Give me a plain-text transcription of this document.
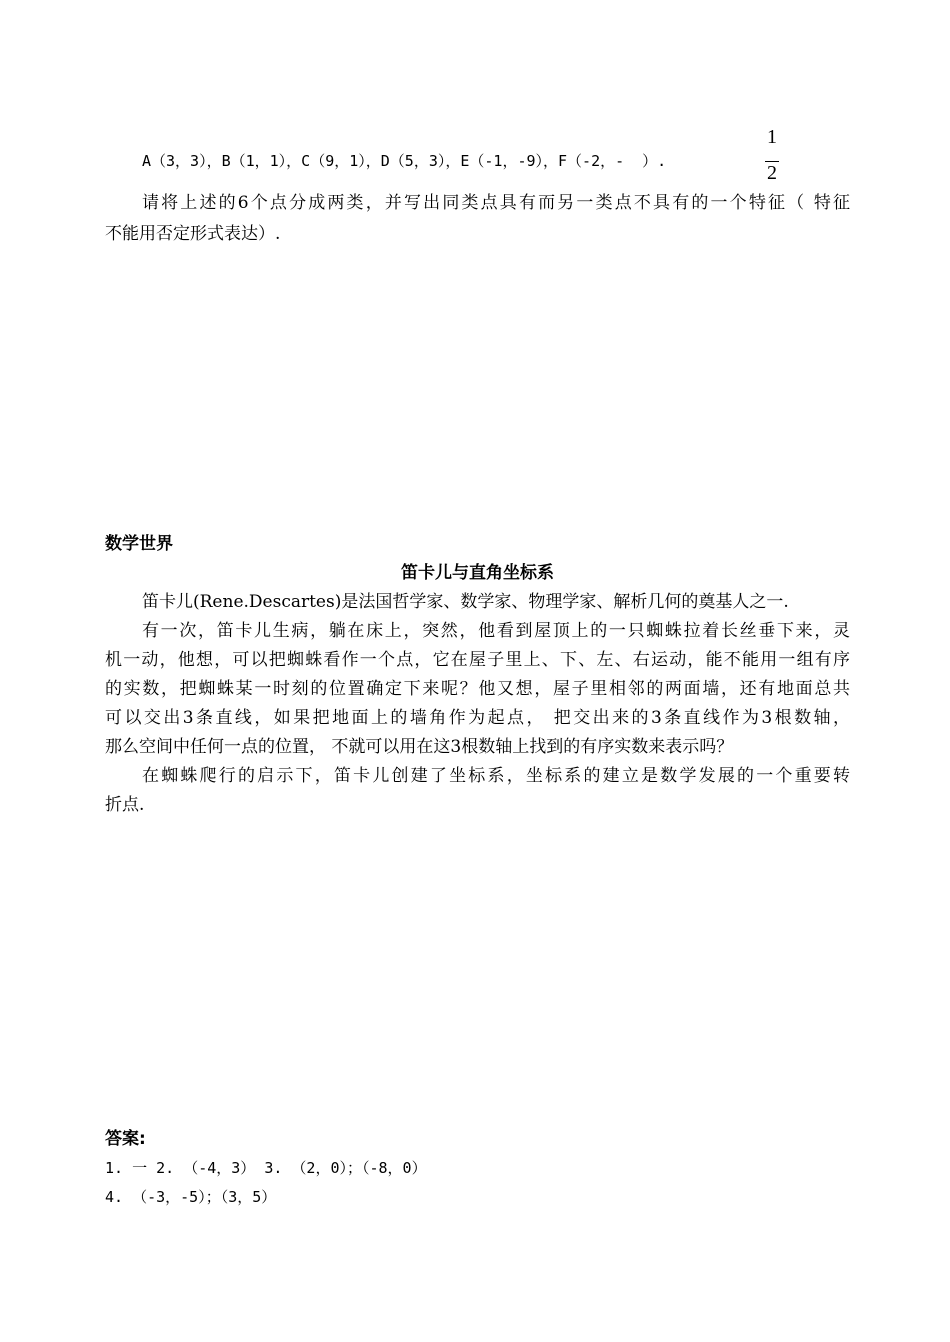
A（3，3），B（1，1），C（9，1），D（5，3），E（-1，-9），F（-2，- ）.
1
2
请将上述的6个点分成两类，并写出同类点具有而另一类点不具有的一个特征（ 特征
不能用否定形式表达）.
数学世界
笛卡儿与直角坐标系
笛卡儿(Rene.Descartes)是法国哲学家、数学家、物理学家、解析几何的奠基人之一.
有一次，笛卡儿生病，躺在床上，突然，他看到屋顶上的一只蜘蛛拉着长丝垂下来，灵
机一动，他想，可以把蜘蛛看作一个点，它在屋子里上、下、左、右运动，能不能用一组有序
的实数，把蜘蛛某一时刻的位置确定下来呢？他又想，屋子里相邻的两面墙，还有地面总共
可以交出3条直线，如果把地面上的墙角作为起点， 把交出来的3条直线作为3根数轴，
那么空间中任何一点的位置， 不就可以用在这3根数轴上找到的有序实数来表示吗？
在蜘蛛爬行的启示下，笛卡儿创建了坐标系，坐标系的建立是数学发展的一个重要转
折点.
答案:
1. 一 2. （-4，3） 3. （2，0）；（-8，0）
4. （-3，-5）；（3，5）
